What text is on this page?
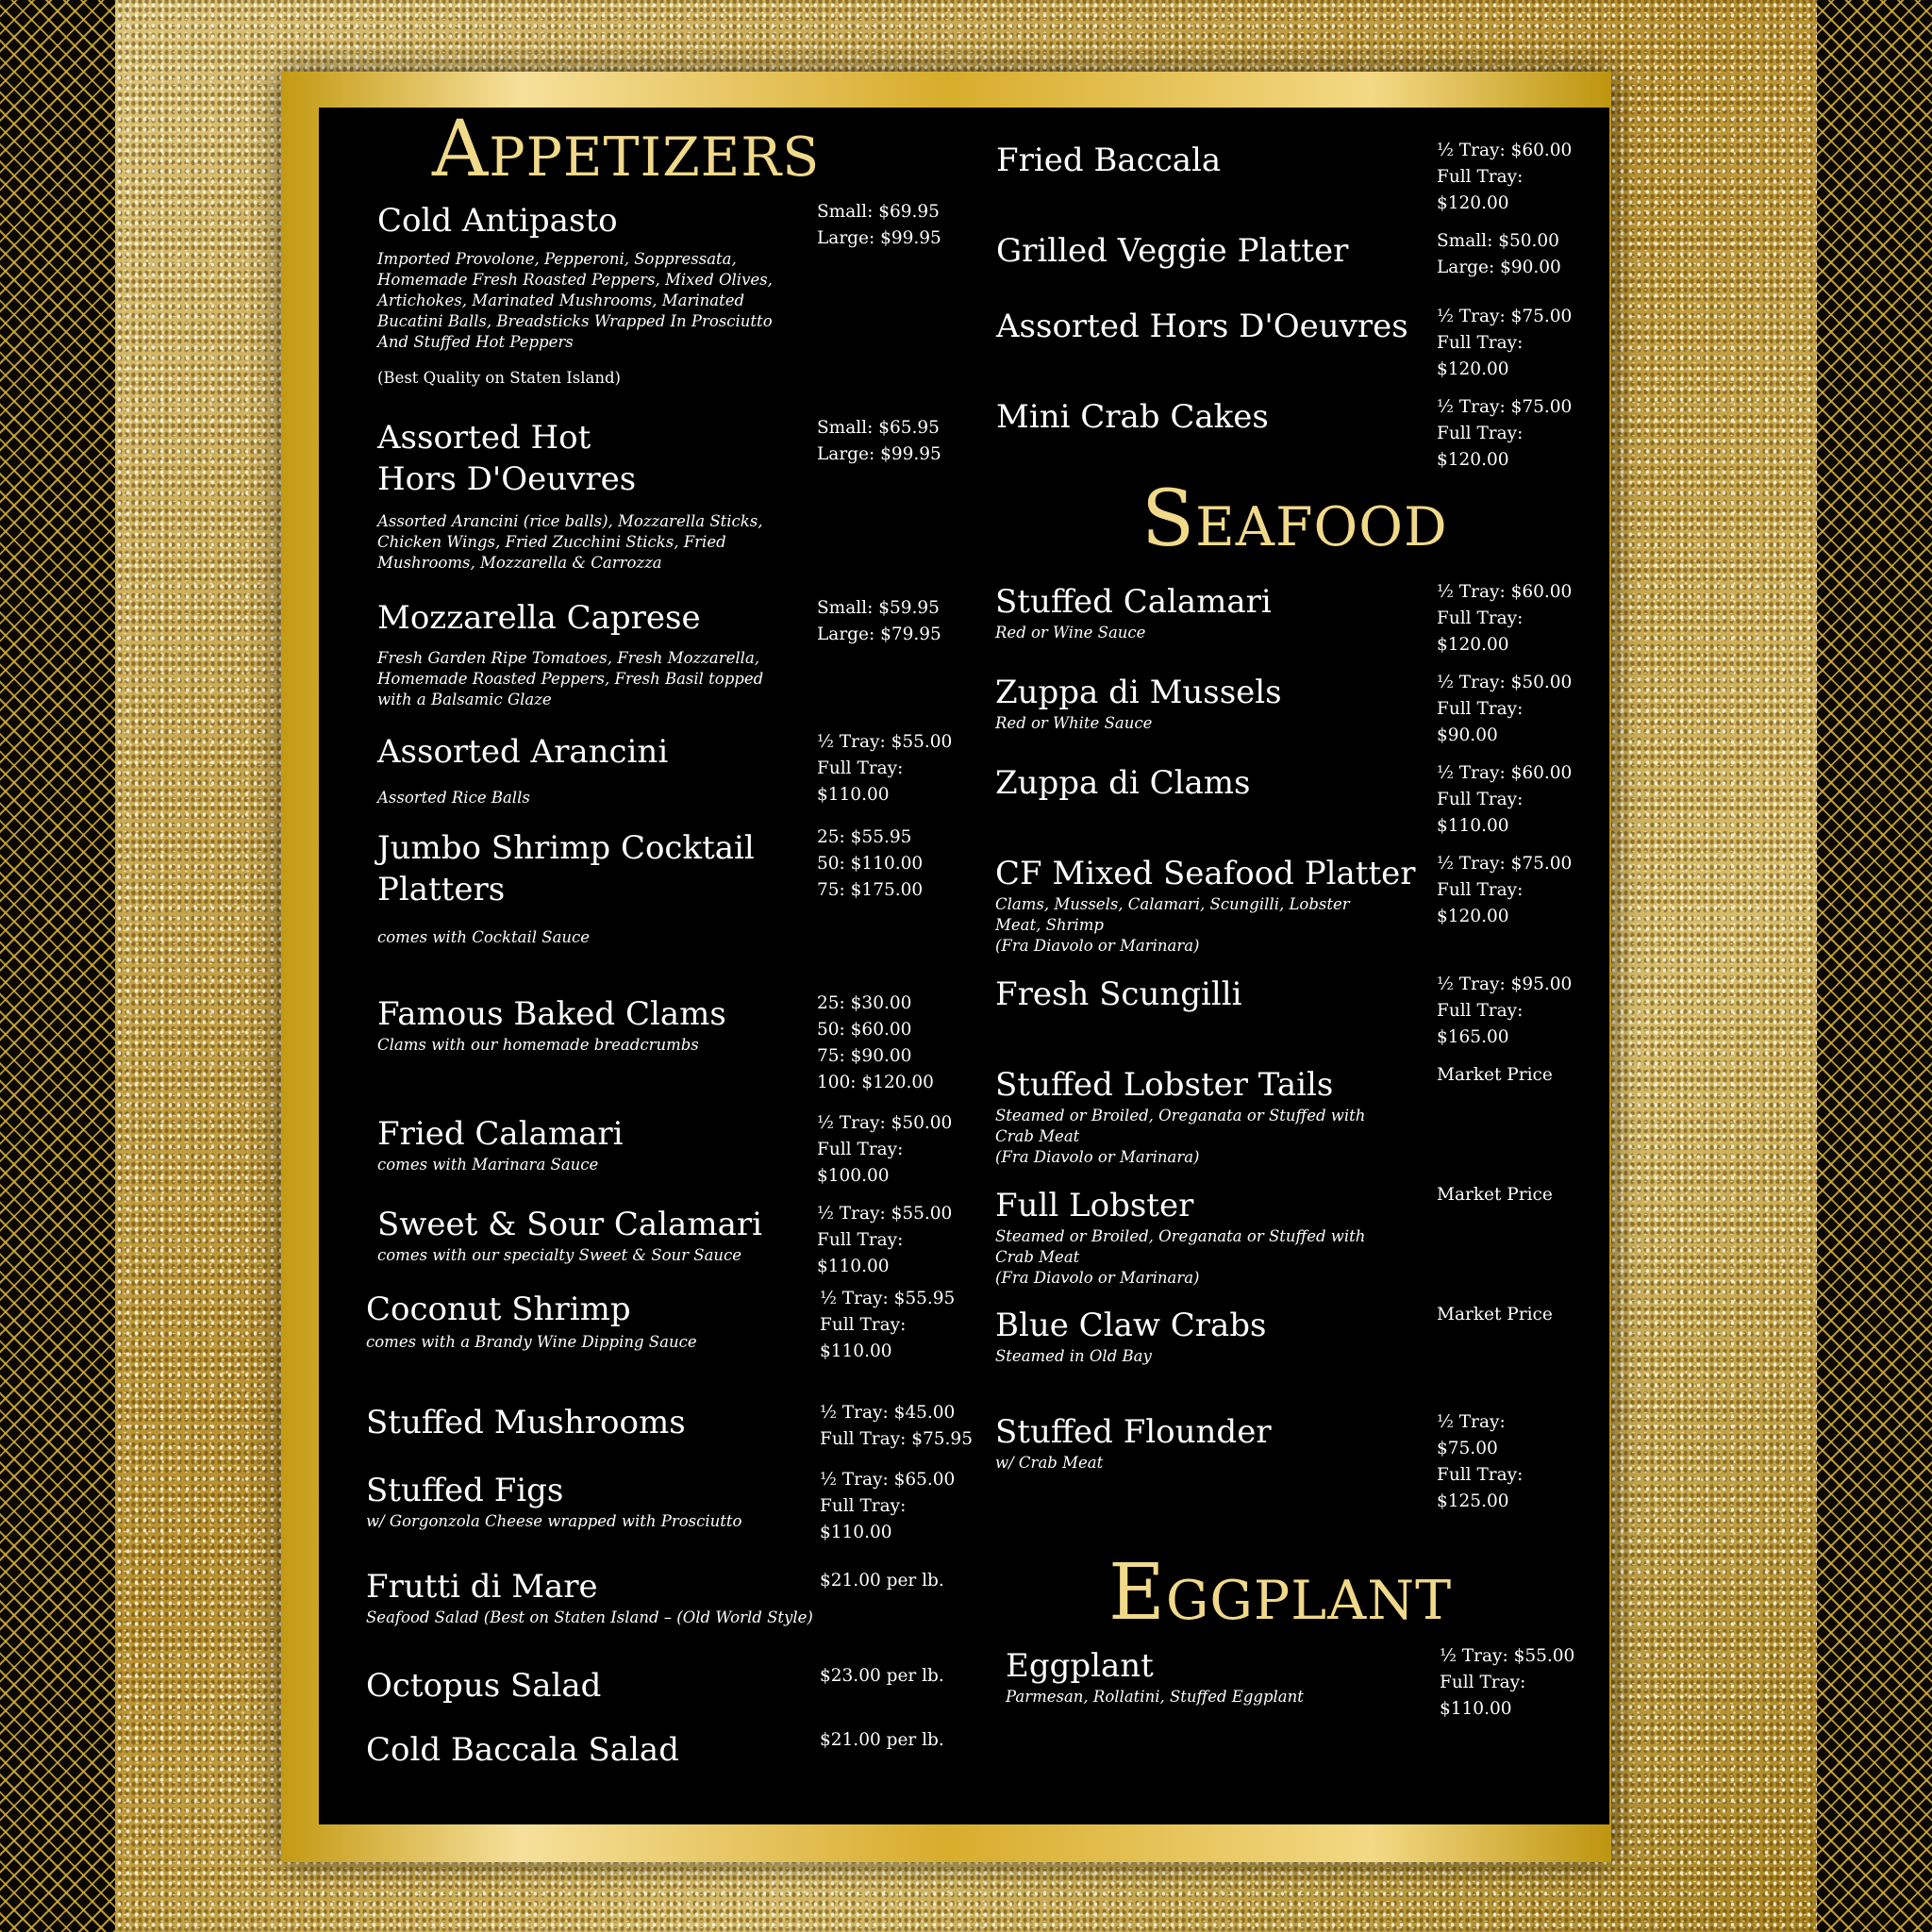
Appetizers
Cold Antipasto
Imported Provolone, Pepperoni, Soppressata, Homemade Fresh Roasted Peppers, Mixed Olives, Artichokes, Marinated Mushrooms, Marinated Bucatini Balls, Breadsticks Wrapped In Prosciutto And Stuffed Hot Peppers
(Best Quality on Staten Island)
Small: $69.95
Large: $99.95
Assorted Hot Hors D'Oeuvres
Assorted Arancini (rice balls), Mozzarella Sticks, Chicken Wings, Fried Zucchini Sticks, Fried Mushrooms, Mozzarella & Carrozza
Small: $65.95
Large: $99.95
Mozzarella Caprese
Fresh Garden Ripe Tomatoes, Fresh Mozzarella, Homemade Roasted Peppers, Fresh Basil topped with a Balsamic Glaze
Small: $59.95
Large: $79.95
Assorted Arancini
Assorted Rice Balls
½ Tray: $55.00
Full Tray:
$110.00
Jumbo Shrimp Cocktail Platters
comes with Cocktail Sauce
25: $55.95
50: $110.00
75: $175.00
Famous Baked Clams
Clams with our homemade breadcrumbs
25: $30.00
50: $60.00
75: $90.00
100: $120.00
Fried Calamari
comes with Marinara Sauce
½ Tray: $50.00
Full Tray:
$100.00
Sweet & Sour Calamari
comes with our specialty Sweet & Sour Sauce
½ Tray: $55.00
Full Tray:
$110.00
Coconut Shrimp
comes with a Brandy Wine Dipping Sauce
½ Tray: $55.95
Full Tray:
$110.00
Stuffed Mushrooms	½ Tray: $45.00
Full Tray: $75.95
Stuffed Figs
w/ Gorgonzola Cheese wrapped with Prosciutto
½ Tray: $65.00
Full Tray:
$110.00
Frutti di Mare
Seafood Salad (Best on Staten Island – (Old World Style)
$21.00 per lb.
Octopus Salad	$23.00 per lb.
Cold Baccala Salad	$21.00 per lb.
Fried Baccala	½ Tray: $60.00
Full Tray:
$120.00
Grilled Veggie Platter	Small: $50.00
Large: $90.00
Assorted Hors D'Oeuvres ½ Tray: $75.00
Full Tray:
$120.00
Mini Crab Cakes	½ Tray: $75.00
Full Tray:
$120.00
Seafood
Stuffed Calamari
Red or Wine Sauce
½ Tray: $60.00
Full Tray:
$120.00
Zuppa di Mussels
Red or White Sauce
½ Tray: $50.00
Full Tray:
$90.00
Zuppa di Clams	½ Tray: $60.00
Full Tray:
$110.00
CF Mixed Seafood Platter
Clams, Mussels, Calamari, Scungilli, Lobster Meat, Shrimp
(Fra Diavolo or Marinara)
½ Tray: $75.00
Full Tray:
$120.00
Fresh Scungilli	½ Tray: $95.00
Full Tray:
$165.00
Stuffed Lobster Tails
Steamed or Broiled, Oreganata or Stuffed with Crab Meat
(Fra Diavolo or Marinara)
Market Price
Full Lobster
Steamed or Broiled, Oreganata or Stuffed with Crab Meat
(Fra Diavolo or Marinara)
Market Price
Blue Claw Crabs
Steamed in Old Bay
Market Price
Stuffed Flounder
w/ Crab Meat
½ Tray:
$75.00
Full Tray:
$125.00
Eggplant
Eggplant
Parmesan, Rollatini, Stuffed Eggplant
½ Tray: $55.00
Full Tray:
$110.00
